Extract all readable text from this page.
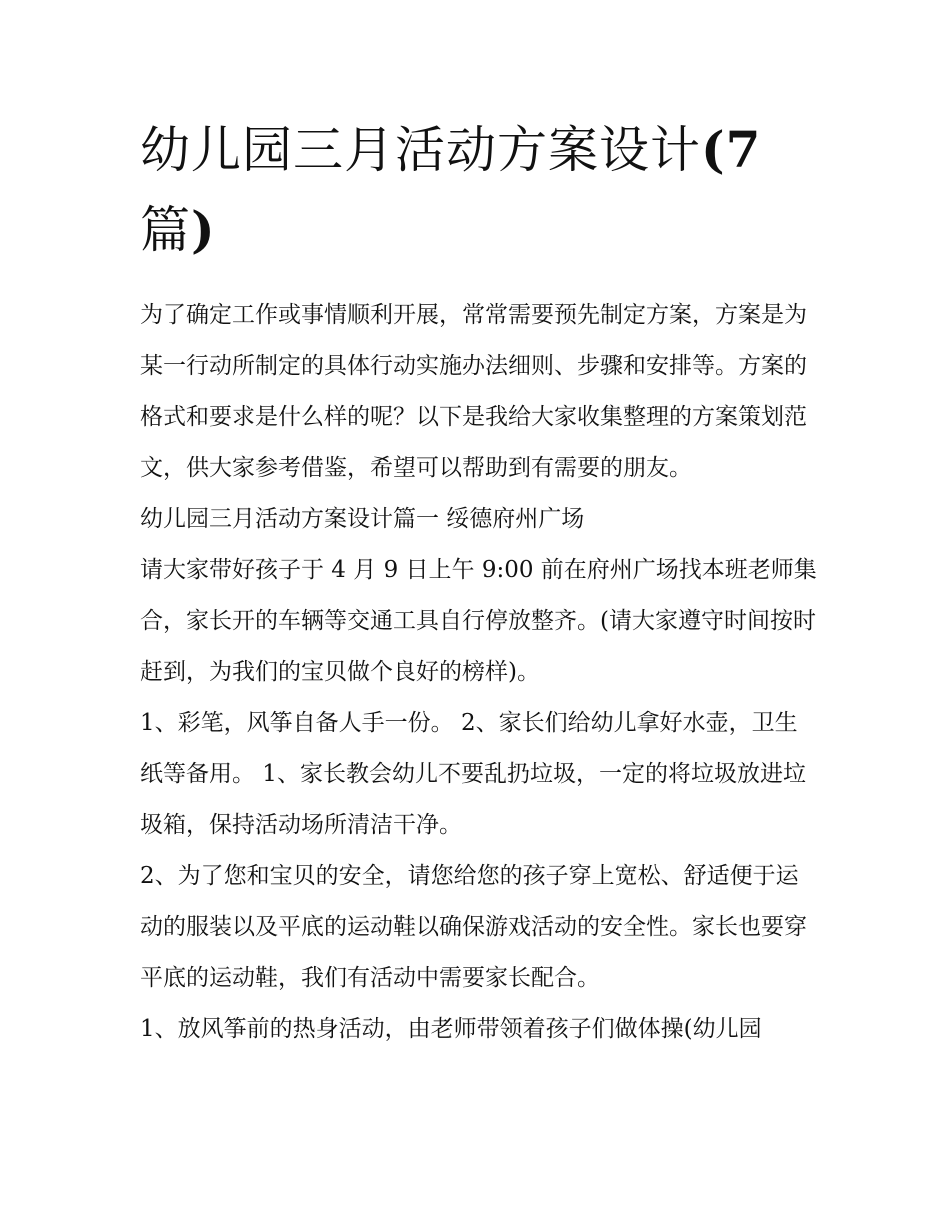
幼儿园三月活动方案设计(7
篇)

为了确定工作或事情顺利开展，常常需要预先制定方案，方案是为某一行动所制定的具体行动实施办法细则、步骤和安排等。方案的格式和要求是什么样的呢？以下是我给大家收集整理的方案策划范文，供大家参考借鉴，希望可以帮助到有需要的朋友。

幼儿园三月活动方案设计篇一 绥德府州广场

请大家带好孩子于 4 月 9 日上午 9:00 前在府州广场找本班老师集合，家长开的车辆等交通工具自行停放整齐。(请大家遵守时间按时赶到，为我们的宝贝做个良好的榜样)。

1、彩笔，风筝自备人手一份。 2、家长们给幼儿拿好水壶，卫生纸等备用。 1、家长教会幼儿不要乱扔垃圾，一定的将垃圾放进垃圾箱，保持活动场所清洁干净。

2、为了您和宝贝的安全，请您给您的孩子穿上宽松、舒适便于运动的服装以及平底的运动鞋以确保游戏活动的安全性。家长也要穿平底的运动鞋，我们有活动中需要家长配合。

1、放风筝前的热身活动，由老师带领着孩子们做体操(幼儿园
